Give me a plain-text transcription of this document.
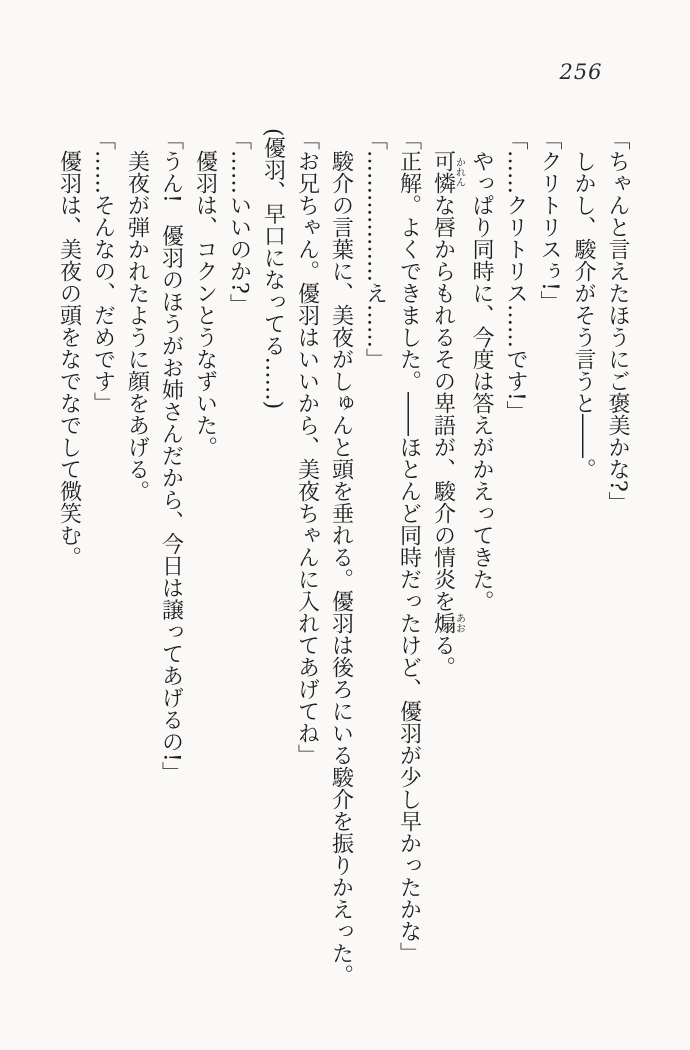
256

「ちゃんと言えたほうにご褒美かな?」

しかし、駿介がそう言うと――。

「クリトリスぅ!」

「……クリトリス……です!」

やっぱり同時に、今度は答えがかえってきた。

可憐かれんな唇からもれるその卑語が、駿介の情炎を煽あおる。

「正解。よくできました。――ほとんど同時だったけど、優羽が少し早かったかな」

「………………え……」

駿介の言葉に、美夜がしゅんと頭を垂れる。優羽は後ろにいる駿介を振りかえった。

「お兄ちゃん。優羽はいいから、美夜ちゃんに入れてあげてね」

(優羽、早口になってる……)

「……いいのか?」

優羽は、コクンとうなずいた。

「うん!　優羽のほうがお姉さんだから、今日は譲ってあげるの!」

美夜が弾かれたように顔をあげる。

「……そんなの、だめです」

優羽は、美夜の頭をなでなでして微笑む。
